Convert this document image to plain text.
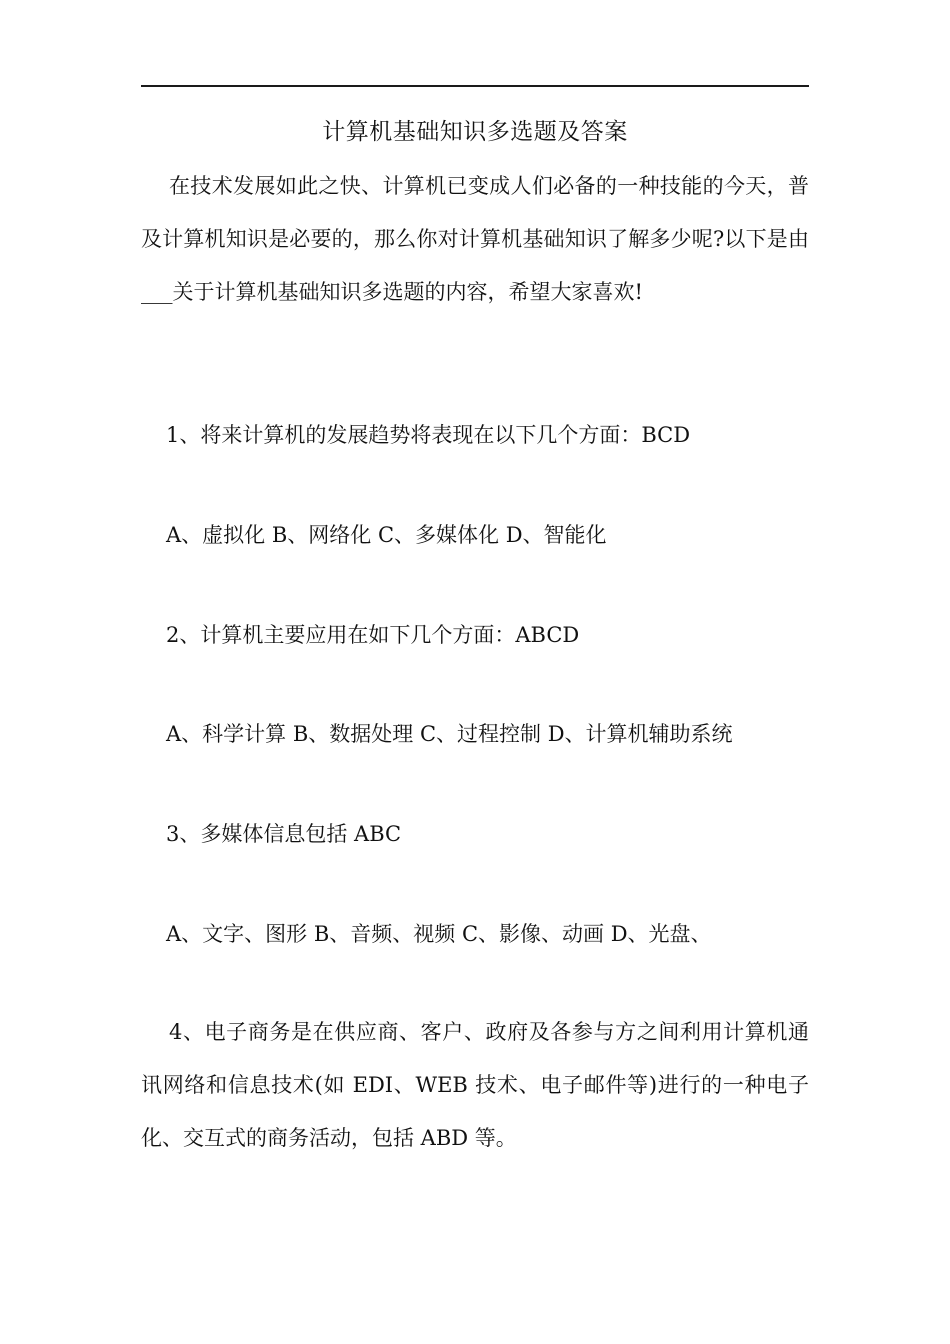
计算机基础知识多选题及答案
在技术发展如此之快、计算机已变成人们必备的一种技能的今天，普及计算机知识是必要的，那么你对计算机基础知识了解多少呢?以下是由 ___关于计算机基础知识多选题的内容，希望大家喜欢!
1、将来计算机的发展趋势将表现在以下几个方面：BCD
A、虚拟化 B、网络化 C、多媒体化 D、智能化
2、计算机主要应用在如下几个方面：ABCD
A、科学计算 B、数据处理 C、过程控制 D、计算机辅助系统
3、多媒体信息包括 ABC
A、文字、图形 B、音频、视频 C、影像、动画 D、光盘、
4、电子商务是在供应商、客户、政府及各参与方之间利用计算机通讯网络和信息技术(如 EDI、WEB 技术、电子邮件等)进行的一种电子化、交互式的商务活动，包括 ABD 等。
